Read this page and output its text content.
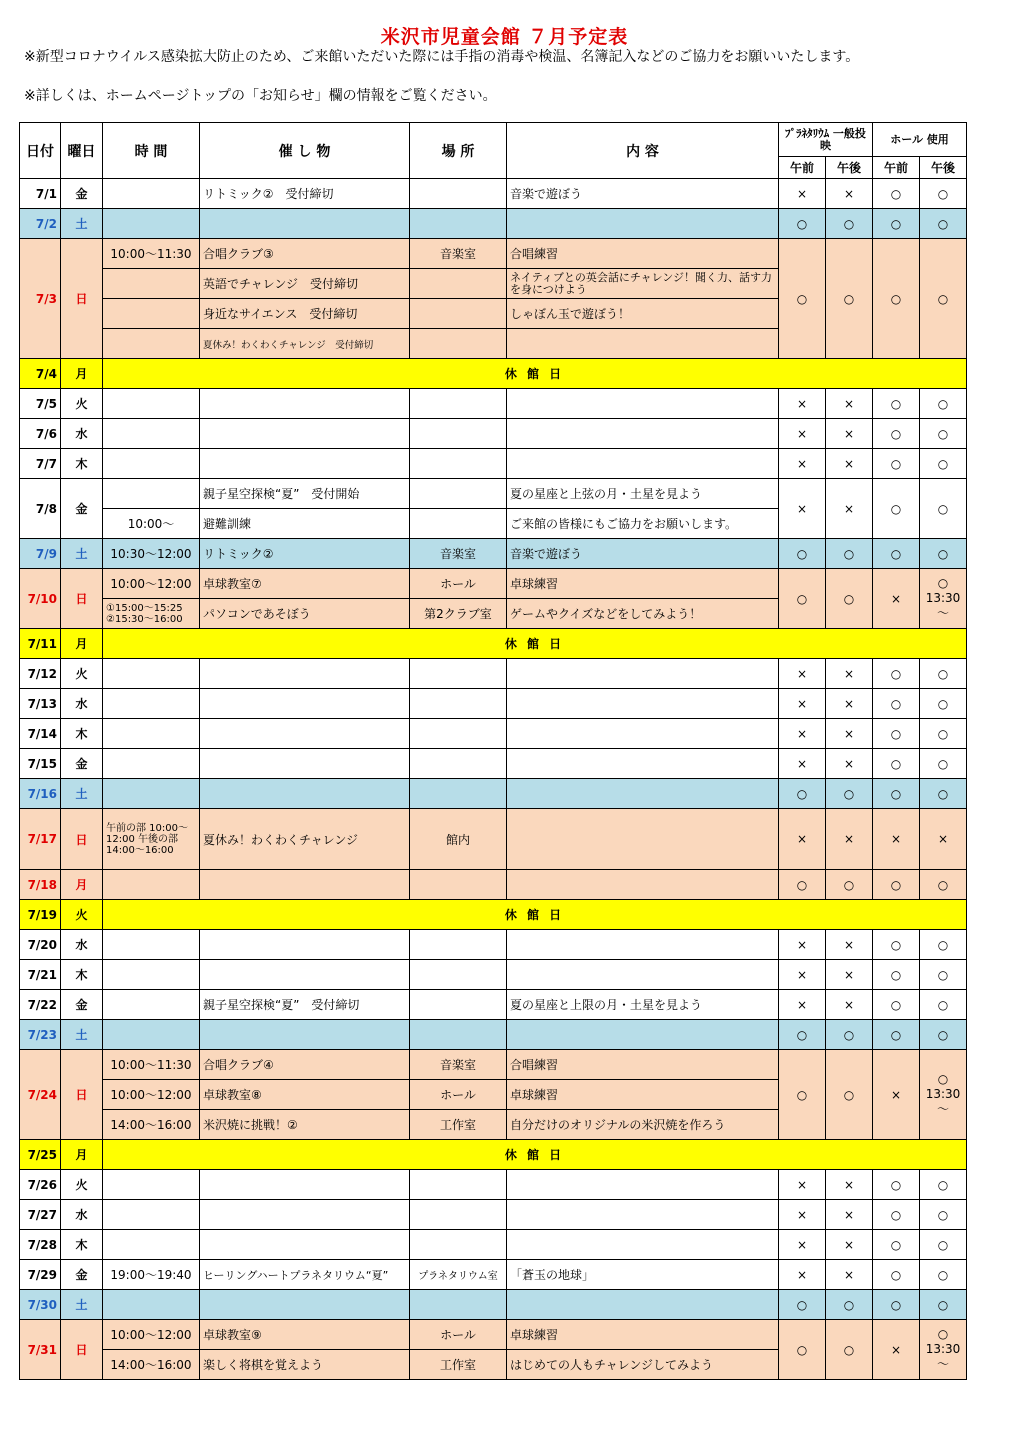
米沢市児童会館 ７月予定表
※新型コロナウイルス感染拡大防止のため、ご来館いただいた際には手指の消毒や検温、名簿記入などのご協力をお願いいたします。
※詳しくは、ホームページトップの「お知らせ」欄の情報をご覧ください。
日付	曜日	時 間	催 し 物	場 所	内 容	ﾌﾟﾗﾈﾀﾘｳﾑ 一般投映		ホール 使用	
						午前	午後	午前	午後
7/1	金		リトミック②　受付締切		音楽で遊ぼう	×	×	○	○
7/2	土					○	○	○	○
7/3	日	10:00～11:30	合唱クラブ③	音楽室	合唱練習	○	○	○	○
			英語でチャレンジ　受付締切		ネイティブとの英会話にチャレンジ！聞く力、話す力を身につけよう				
			身近なサイエンス　受付締切		しゃぼん玉で遊ぼう！				
			夏休み！わくわくチャレンジ　受付締切						
7/4	月	休 館 日							
7/5	火					×	×	○	○
7/6	水					×	×	○	○
7/7	木					×	×	○	○
7/8	金		親子星空探検“夏”　受付開始		夏の星座と上弦の月・土星を見よう	×	×	○	○
		10:00～	避難訓練		ご来館の皆様にもご協力をお願いします。				
7/9	土	10:30～12:00	リトミック②	音楽室	音楽で遊ぼう	○	○	○	○
7/10	日	10:00～12:00	卓球教室⑦	ホール	卓球練習	○	○	×	○ 13:30 ～
		①15:00～15:25 ②15:30～16:00	パソコンであそぼう	第2クラブ室	ゲームやクイズなどをしてみよう！				
7/11	月	休 館 日							
7/12	火					×	×	○	○
7/13	水					×	×	○	○
7/14	木					×	×	○	○
7/15	金					×	×	○	○
7/16	土					○	○	○	○
7/17	日	午前の部 10:00～12:00 午後の部 14:00～16:00	夏休み！わくわくチャレンジ	館内		×	×	×	×
7/18	月					○	○	○	○
7/19	火	休 館 日							
7/20	水					×	×	○	○
7/21	木					×	×	○	○
7/22	金		親子星空探検“夏”　受付締切		夏の星座と上限の月・土星を見よう	×	×	○	○
7/23	土					○	○	○	○
7/24	日	10:00～11:30	合唱クラブ④	音楽室	合唱練習	○	○	×	○ 13:30 ～
		10:00～12:00	卓球教室⑧	ホール	卓球練習				
		14:00～16:00	米沢焼に挑戦！②	工作室	自分だけのオリジナルの米沢焼を作ろう				
7/25	月	休 館 日							
7/26	火					×	×	○	○
7/27	水					×	×	○	○
7/28	木					×	×	○	○
7/29	金	19:00～19:40	ヒーリングハートプラネタリウム“夏”	プラネタリウム室	「蒼玉の地球」	×	×	○	○
7/30	土					○	○	○	○
7/31	日	10:00～12:00	卓球教室⑨	ホール	卓球練習	○	○	×	○ 13:30 ～
		14:00～16:00	楽しく将棋を覚えよう	工作室	はじめての人もチャレンジしてみよう				
